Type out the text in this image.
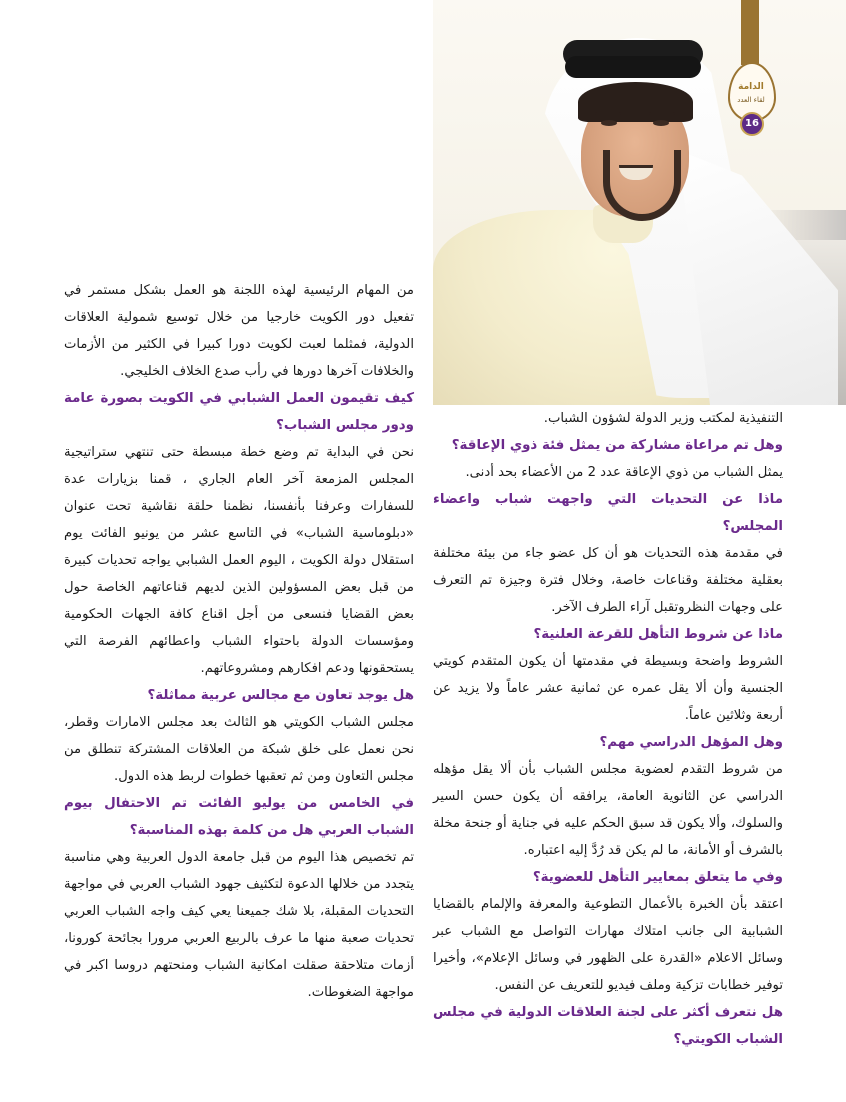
الدامة
لقاء العدد
16

التنفيذية لمكتب وزير الدولة لشؤون الشباب.

وهل تم مراعاة مشاركة من يمثل فئة ذوي الإعاقة؟

يمثل الشباب من ذوي الإعاقة عدد 2 من الأعضاء بحد أدنى.

ماذا عن التحديات التي واجهت شباب واعضاء المجلس؟

في مقدمة هذه التحديات هو أن كل عضو جاء من بيئة مختلفة بعقلية مختلفة وقناعات خاصة، وخلال فترة وجيزة تم التعرف على وجهات النظروتقبل آراء الطرف الآخر.

ماذا عن شروط التأهل للقرعة العلنية؟

الشروط واضحة وبسيطة في مقدمتها أن يكون المتقدم كويتي الجنسية وأن ألا يقل عمره عن ثمانية عشر عاماً ولا يزيد عن أربعة وثلاثين عاماً.

وهل المؤهل الدراسي مهم؟

من شروط التقدم لعضوية مجلس الشباب بأن ألا يقل مؤهله الدراسي عن الثانوية العامة، يرافقه أن يكون حسن السير والسلوك، وألا يكون قد سبق الحكم عليه في جناية أو جنحة مخلة بالشرف أو الأمانة، ما لم يكن قد رُدَّ إليه اعتباره.

وفي ما يتعلق بمعايير التأهل للعضوية؟

اعتقد بأن الخبرة بالأعمال التطوعية والمعرفة والإلمام بالقضايا الشبابية الى جانب امتلاك مهارات التواصل مع الشباب عبر وسائل الاعلام «القدرة على الظهور في وسائل الإعلام»، وأخيرا توفير خطابات تزكية وملف فيديو للتعريف عن النفس.

هل نتعرف أكثر على لجنة العلاقات الدولية في مجلس الشباب الكويتي؟

من المهام الرئيسية لهذه اللجنة هو العمل بشكل مستمر في تفعيل دور الكويت خارجيا من خلال توسيع شمولية العلاقات الدولية، فمثلما لعبت لكويت دورا كبيرا في الكثير من الأزمات والخلافات آخرها دورها في رأب صدع الخلاف الخليجي.

كيف تقيمون العمل الشبابي في الكويت بصورة عامة ودور مجلس الشباب؟

نحن في البداية تم وضع خطة مبسطة حتى تنتهي ستراتيجية المجلس المزمعة آخر العام الجاري ، قمنا بزيارات عدة للسفارات وعرفنا بأنفسنا، نظمنا حلقة نقاشية تحت عنوان «دبلوماسية الشباب» في التاسع عشر من يونيو الفائت يوم استقلال دولة الكويت ، اليوم العمل الشبابي يواجه تحديات كبيرة من قبل بعض المسؤولين الذين لديهم قناعاتهم الخاصة حول بعض القضايا فنسعى من أجل اقناع كافة الجهات الحكومية ومؤسسات الدولة باحتواء الشباب واعطائهم الفرصة التي يستحقونها ودعم افكارهم ومشروعاتهم.

هل يوجد تعاون مع مجالس عربية مماثلة؟

مجلس الشباب الكويتي هو الثالث بعد مجلس الامارات وقطر، نحن نعمل على خلق شبكة من العلاقات المشتركة تنطلق من مجلس التعاون ومن ثم تعقبها خطوات لربط هذه الدول.

في الخامس من يوليو الفائت تم الاحتفال بيوم الشباب العربي هل من كلمة بهذه المناسبة؟

تم تخصيص هذا اليوم من قبل جامعة الدول العربية وهي مناسبة يتجدد من خلالها الدعوة لتكثيف جهود الشباب العربي في مواجهة التحديات المقبلة، بلا شك جميعنا يعي كيف واجه الشباب العربي تحديات صعبة منها ما عرف بالربيع العربي مرورا بجائحة كورونا، أزمات متلاحقة صقلت امكانية الشباب ومنحتهم دروسا اكبر في مواجهة الضغوطات.
